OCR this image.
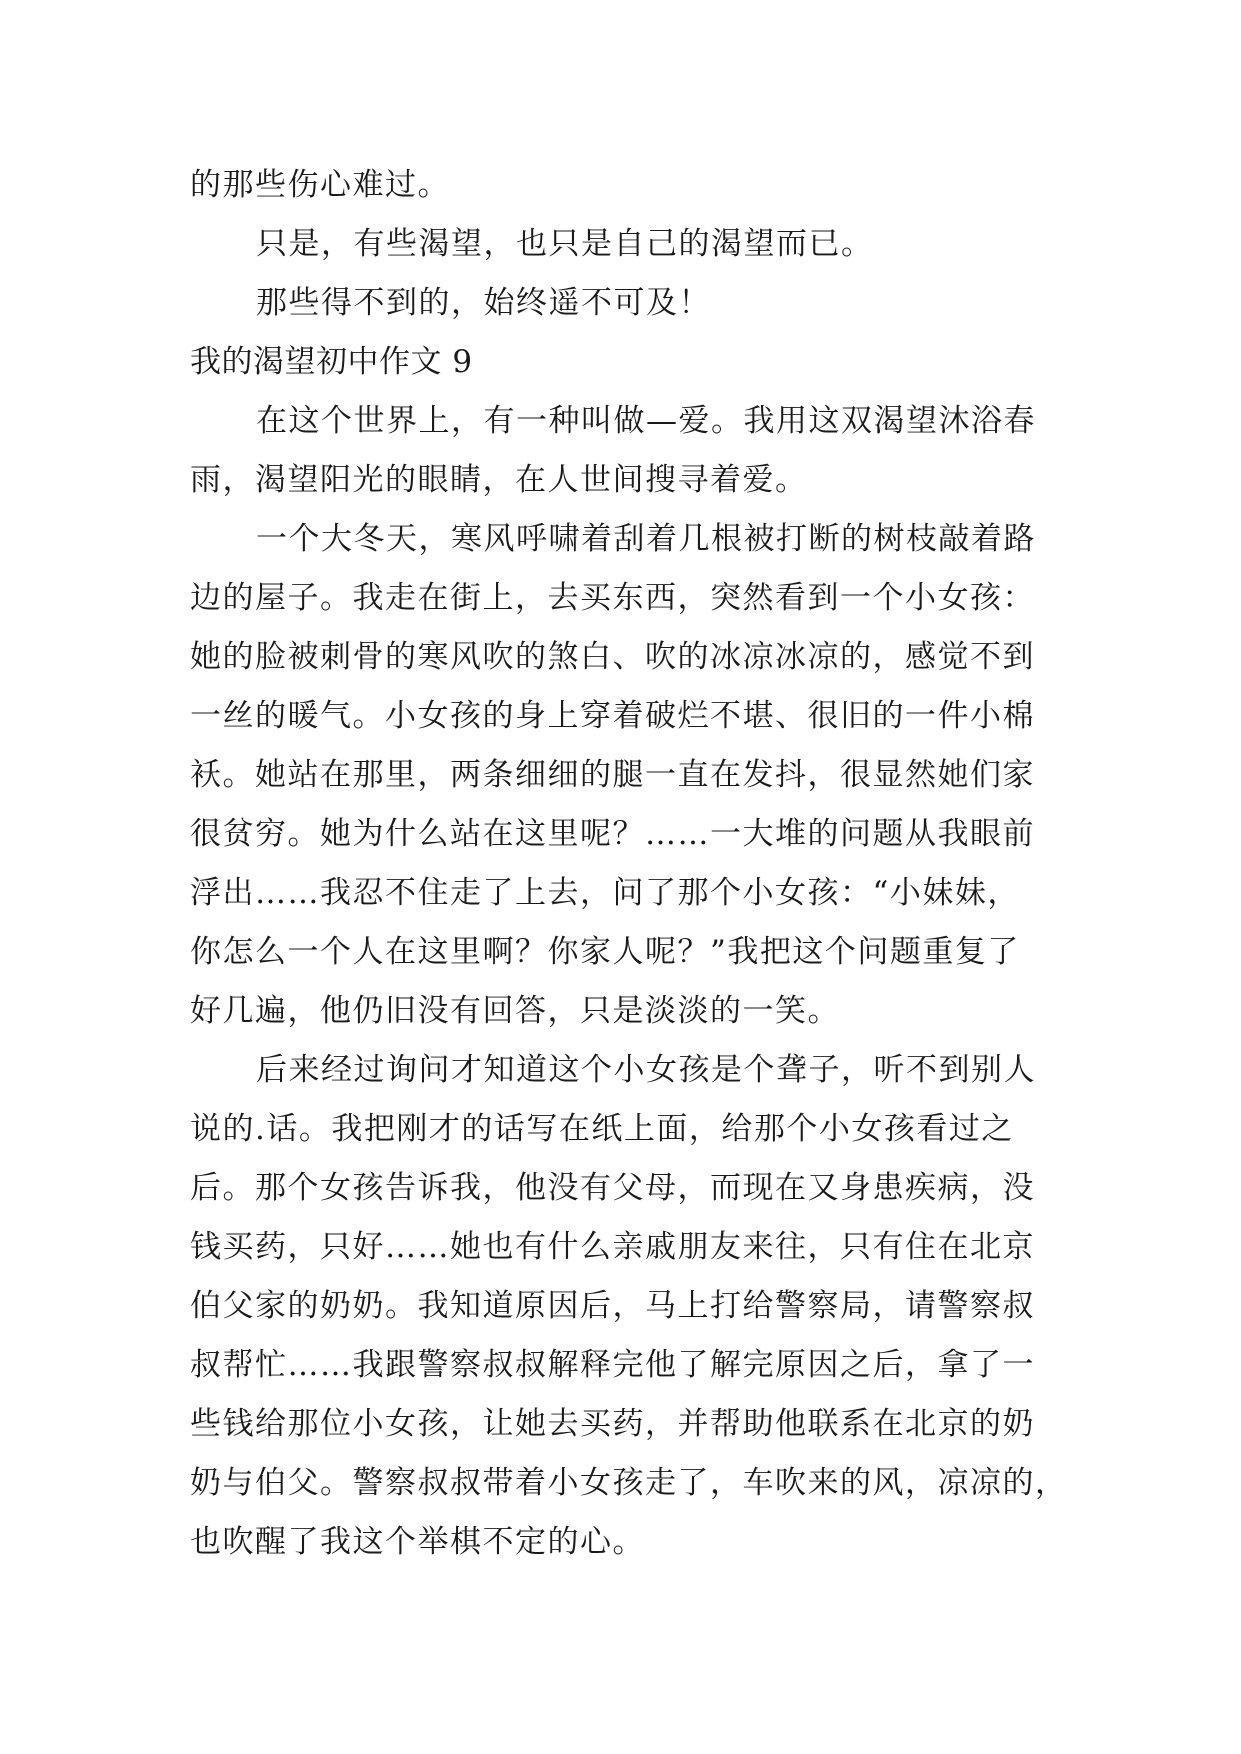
的那些伤心难过。
只是，有些渴望，也只是自己的渴望而已。
那些得不到的，始终遥不可及！
我的渴望初中作文 9
在这个世界上，有一种叫做—爱。我用这双渴望沐浴春
雨，渴望阳光的眼睛，在人世间搜寻着爱。
一个大冬天，寒风呼啸着刮着几根被打断的树枝敲着路
边的屋子。我走在街上，去买东西，突然看到一个小女孩：
她的脸被刺骨的寒风吹的煞白、吹的冰凉冰凉的，感觉不到
一丝的暖气。小女孩的身上穿着破烂不堪、很旧的一件小棉
袄。她站在那里，两条细细的腿一直在发抖，很显然她们家
很贫穷。她为什么站在这里呢？……一大堆的问题从我眼前
浮出……我忍不住走了上去，问了那个小女孩：“小妹妹，
你怎么一个人在这里啊？你家人呢？”我把这个问题重复了
好几遍，他仍旧没有回答，只是淡淡的一笑。
后来经过询问才知道这个小女孩是个聋子，听不到别人
说的.话。我把刚才的话写在纸上面，给那个小女孩看过之
后。那个女孩告诉我，他没有父母，而现在又身患疾病，没
钱买药，只好……她也有什么亲戚朋友来往，只有住在北京
伯父家的奶奶。我知道原因后，马上打给警察局，请警察叔
叔帮忙……我跟警察叔叔解释完他了解完原因之后，拿了一
些钱给那位小女孩，让她去买药，并帮助他联系在北京的奶
奶与伯父。警察叔叔带着小女孩走了，车吹来的风，凉凉的，
也吹醒了我这个举棋不定的心。
